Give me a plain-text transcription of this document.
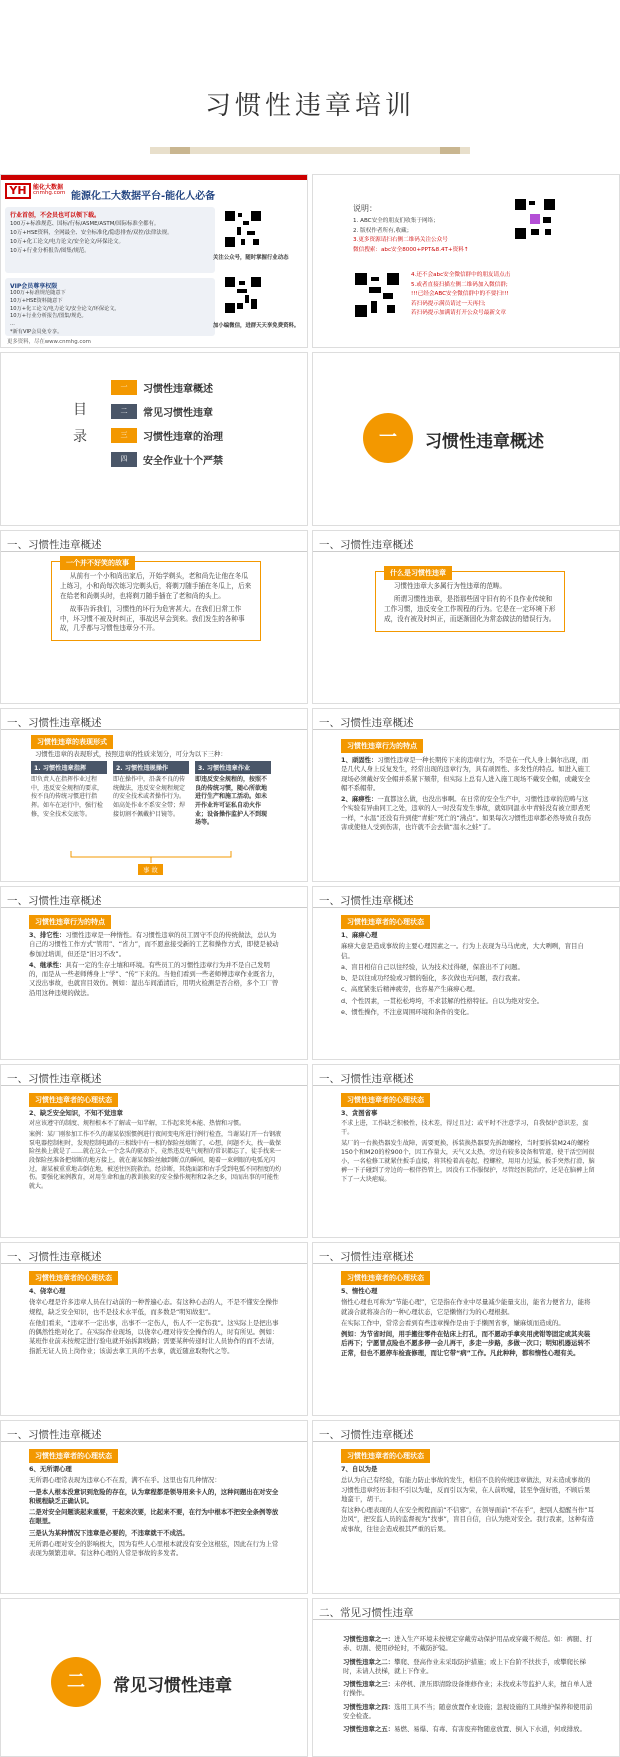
习惯性违章培训
YH	能化大数据
cnmhg.com 能源化工大数据平台-能化人必备
行业首创，不会员也可以领下载。
100万+标准规范、国标/行标/ASME/ASTM/国际标准全都有。
10万+HSE资料，全网最全、安全标准化/隐患排查/双控/法律法规。
10万+化工论文/电力论文/安全论文/环保论文。
10万+行业分析报告/图集/规范。
VIP会员尊享权限
100万+标准规范随意下
10万+HSE资料随意下
10万+化工论文/电力论文/安全论文/环保论文。
10万+行业分析报告/图集/规范。
...
*新有VIP会员免专享。
更多资料，尽在www.cnmhg.com
关注公众号，随时掌握行业动态
加小编微信，进群天天享免费资料。
说明：
1. ABC安全的朋友们收集于网络；
2. 版权作者所有,收藏；
3.更多资源请扫右侧二维码关注公众号
微信搜索：abc安全8000+PPT&8.4T+资料↑
4.还不会abc安全微信群中的朋友请点击
5.或者直接扫描左侧二维码加入微信群;
!!!已经会ABC安全微信群中的不要扫!!!
若扫码提示满员请过一天再扫;
若扫码提示加满请打开公众号最新文章
目
录
一	习惯性违章概述
二	常见习惯性违章
三	习惯性违章的治理
四	安全作业十个严禁
一	习惯性违章概述
一、习惯性违章概述
一个并不好笑的故事
从前有一个小和尚出家后，开始学剃头，老和尚先让他在冬瓜上练习，小和尚每次练习完剃头后，将剃刀随手插在冬瓜上，后来在给老和尚剃头时，也将剃刀随手插在了老和尚的头上。
故事告诉我们，习惯性的坏行为危害甚大。在我们日常工作中，坏习惯不被及时纠正，事故迟早会到来。我们发生的各种事故，几乎都与习惯性违章分不开。
一、习惯性违章概述
什么是习惯性违章
习惯性违章大多属行为性违章的范畴。
所谓习惯性违章，是指那些固守旧有的不良作业传统和工作习惯，违反安全工作规程的行为。它是在一定环境下形成，没有被及时纠正，而逐渐固化为常态做法的错误行为。
一、习惯性违章概述
习惯性违章的表现形式
习惯性违章的表现形式，按照违章的性质来划分，可分为以下三种：
1. 习惯性违章指挥
即负责人在指挥作业过程中，违反安全规程的要求，按不良的传统习惯进行指挥。如车在运行中，强行检修，安全技术交底等。
2. 习惯性违规操作
即在操作中，沿袭不良的传统做法，违反安全规程规定的安全技术或者操作行为。如高处作业不系安全带；焊接切割不佩戴护目镜等。
3. 习惯性违章作业
即违反安全规程的，按照不良的传统习惯，随心所欲地进行生产和施工活动。如未开作业许可证私自动火作业；设备操作监护人不到现场等。
事 故
一、习惯性违章概述
习惯性违章行为的特点
1、顽固性：习惯性违章是一种长期传下来的违章行为，不是在一代人身上偶尔出现，而是几代人身上反复发生，经常出现的违章行为，具有顽固性、多发性的特点。如进入施工现场必须戴好安全帽并系紧下颏带，但实际上总有人进入施工现场不戴安全帽，或戴安全帽不系帽带。
2、麻痹性：一直都这么做，也没出事啊。在日常的安全生产中，习惯性违章的范畴与这个实验有异曲同工之处，违章的人一时没有发生事故，就如同温水中青蛙没有被立即煮死一样，“水温”还没有升到使“青蛙”死亡的“沸点”。如果每次习惯性违章都必然导致自我伤害或使他人受到伤害，也许就不会去做“温水之蛙”了。
一、习惯性违章概述
习惯性违章行为的特点
3、排它性：习惯性违章是一种惰性。有习惯性违章的员工固守不良的传统做法，总认为自己的习惯性工作方式“管用”、“省力”，而不愿意接受新的工艺和操作方式，即使是被动参加过培训，但还是“旧习不改”。
4、继承性：具有一定的生存土壤和环境。有些员工的习惯性违章行为并不是自己发明的，而是从一些老师傅身上“学”、“传”下来的。当他们看到一些老师傅违章作业既省力，又没出事故，也就盲目效仿。例如：湿出车间涌清后，用明火检测是否合格，多个工厂曾沿用这种违规的做法。
一、习惯性违章概述
习惯性违章者的心理状态
1、麻痹心理
麻痹大意是造成事故的主要心理因素之一。行为上表现为马马虎虎，大大咧咧，盲目自信。
a、盲目相信自己以往经验，认为技术过得硬，保准出不了问题。
b、是以往成功经验或习惯的强化，多次做也无问题，我行我素。
c、高度紧张后精神疲劳，也容易产生麻痹心理。
d、个性因素，一贯松松垮垮，不求甚解的性格特征。自以为绝对安全。
e、惯性操作，不注意周围环境和条件的变化。
一、习惯性违章概述
习惯性违章者的心理状态
2、缺乏安全知识，不知不觉违章
对应该遵守的制度、规程根本不了解或一知半解，工作起来凭本能、热情和习惯。
案例：某厂刚参加工作不久的谢某依照惯例进行夜间变电所进行例行检查，当谢某打开一台钢液泵电器控制柜时，发现控制电路的三相线中有一相的保险丝熔断了，心想，问题不大，找一截保险丝换上就是了……就在这么一个念头的驱动下，竟然违反电气规程的常识都忘了，徒手找来一段保险丝准备把熔断的地方接上，就在谢某保险丝触到断点的瞬间，随着一束刺眼的电弧光闪过，谢某被重重地击倒在地，被送往医院救治。经诊断，其烧面部和右手受到电弧不同程度的灼伤。要强化案例教育，对用生命和血的教训换来的安全操作规程和2条之多，因而出事的可能性就大。
一、习惯性违章概述
习惯性违章者的心理状态
3、贪图省事
不求上进，工作缺乏积极性，技术差，得过且过；或平时不注意学习，自我保护意识差，蛮干。
某厂的一台换热器发生故障，需要更换，拆装换热器要先拆卸螺栓，当时要拆装M24的螺栓150个和M20的栓900个，因工作量大，天气又太热，旁边有较多设备和管道，使干活空间很小，一名检修工就紧住扳手直接，将其检着高卷起，控螺栓，用用力过猛，扳手突然打滑，脑裤一下子碰到了旁边的一根伴热管上，因没有工作服保护，尽管经医院治疗，还是在脑裤上留下了一大块疤痕。
一、习惯性违章概述
习惯性违章者的心理状态
4、侥幸心理
侥幸心理是许多违章人员在行动前的一种普遍心态。有这种心态的人，不是不懂安全操作规程，缺乏安全知识，也不是技术水平低，而多数是“明知故犯”。
在他们看来，“违章不一定出事，出事不一定伤人，伤人不一定伤我”。这实际上是把出事的偶然性绝对化了。在实际作业现场，以侥幸心理对待安全操作的人，时有所见。例如：某班作业前未按规定进行验电就开始拆卸线路；需要某种传递时让人员协作的而不去请，指派无证人员上岗作业；该弱去拿工具的不去拿，就近随意取物代之等。
一、习惯性违章概述
习惯性违章者的心理状态
5、惰性心理
惰性心理也可称为“节能心理”，它是指在作业中尽量减少能量支出，能省力便省力，能将就凑合就将凑合的一种心理状态，它是懒惰行为的心理根据。
在实际工作中，常常会看到有些违章操作是由于手懒图省事，嫌麻烦而造成的。
例如：为节省时间，用手搬往零件在钻床上打孔，而不愿动手拿夹用虎钳等固定或其夹装后再下；宁愿冒点险也不愿多停一会儿再干，多走一步路，多做一次口；明知机器运转不正常，但也不愿停车检查修理，而让它带“病”工作。凡此种种，都和惰性心理有关。
一、习惯性违章概述
习惯性违章者的心理状态
6、无所谓心理
无所谓心理常表现为违章心不在焉，满不在乎。这里也有几种情况：
一是本人根本没意识到危险的存在，认为章程都是领导用来卡人的，这种问题出在对安全和规程缺乏正确认识。
二是对安全问题谈起来重要，干起来次要，比起来不要，在行为中根本不把安全条例等放在眼里。
三是认为某种情况下违章是必要的，不违章就干不成活。
无所谓心理对安全的影响极大，因为有些人心里根本就没有安全这根弦，因此在行为上常表现为频繁违章。有这种心理的人常是事故的多发者。
一、习惯性违章概述
习惯性违章者的心理状态
7、自以为是
总认为自己有经验，有能力防止事故的发生，相信不良的传统违章做法，对未造成事故的习惯性违章经历非但不引以为耻，反而引以为荣，在人前吹嘘，甚至争强好胜，不顾后果地蛮干，胡干。
有这种心理表现的人在安全规程面前“不信邪”，在领导面前“不在乎”，把别人提醒当作“耳边风”，把安监人员的监督视为“找事”，盲目自信，自认为绝对安全。我行我素，这种有造成事故，往往会造成极其严重的后果。
二	常见习惯性违章
二、常见习惯性违章
习惯性违章之一：进入生产环境未按规定穿戴劳动保护用品或穿戴不规范。如：裤腿、打赤、切割、使用砂轮时，不戴防护镜。
习惯性违章之二：攀爬、登高作业未采取防护措施；或上下台阶不扶扶手，或攀爬长梯时，未请人扶梯，就上下作业。
习惯性违章之三：未停机、泄压即清除设备维修作业；未找或未等监护人来，擅自单人进行操作。
习惯性违章之四：选用工具不当；随意放置作业设施；忽视设施的工具维护保养和使用前安全检查。
习惯性违章之五：易燃、易爆、有毒、有害废弃物随意放置、倒入下水道，何或排放。
